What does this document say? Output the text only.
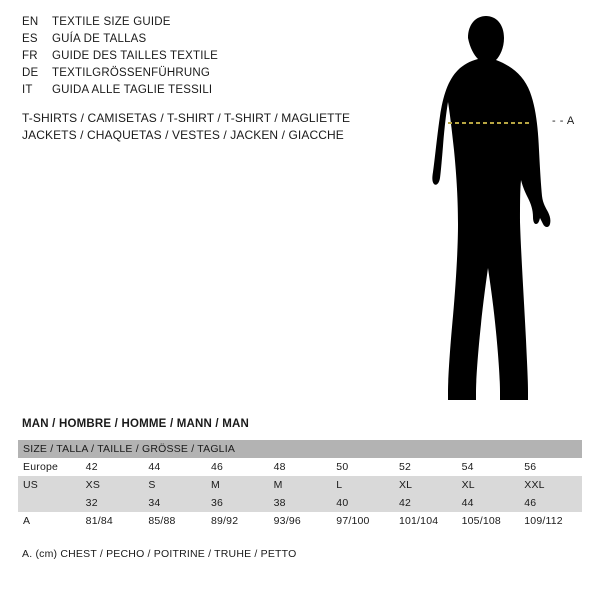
EN	TEXTILE SIZE GUIDE
ES	GUÍA DE TALLAS
FR	GUIDE DES TAILLES TEXTILE
DE	TEXTILGRÖSSENFÜHRUNG
IT	GUIDA ALLE TAGLIE TESSILI
T-SHIRTS / CAMISETAS / T-SHIRT / T-SHIRT / MAGLIETTE
JACKETS / CHAQUETAS / VESTES / JACKEN / GIACCHE
- - A
MAN / HOMBRE / HOMME / MANN / MAN
SIZE / TALLA / TAILLE / GRÖSSE / TAGLIA								
Europe	42	44	46	48	50	52	54	56
US	XS	S	M	M	L	XL	XL	XXL
	32	34	36	38	40	42	44	46
A	81/84	85/88	89/92	93/96	97/100	101/104	105/108	109/112
A. (cm) CHEST / PECHO / POITRINE / TRUHE / PETTO
